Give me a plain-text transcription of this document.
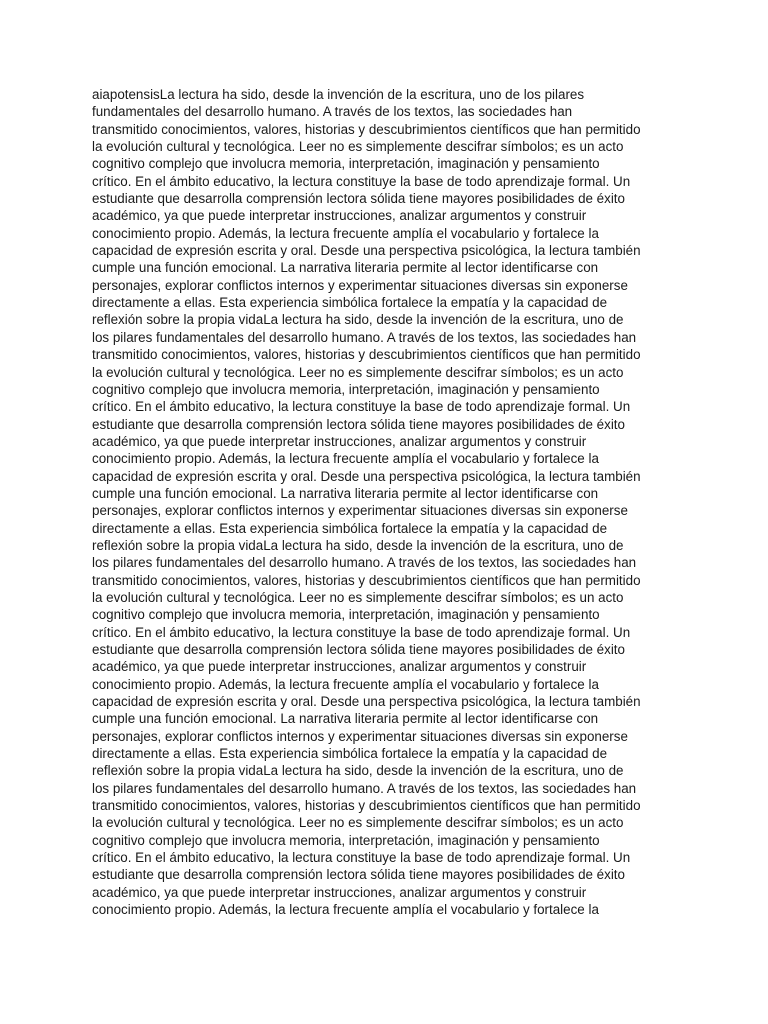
aiapotensisLa lectura ha sido, desde la invención de la escritura, uno de los pilares
fundamentales del desarrollo humano. A través de los textos, las sociedades han
transmitido conocimientos, valores, historias y descubrimientos científicos que han permitido
la evolución cultural y tecnológica. Leer no es simplemente descifrar símbolos; es un acto
cognitivo complejo que involucra memoria, interpretación, imaginación y pensamiento
crítico. En el ámbito educativo, la lectura constituye la base de todo aprendizaje formal. Un
estudiante que desarrolla comprensión lectora sólida tiene mayores posibilidades de éxito
académico, ya que puede interpretar instrucciones, analizar argumentos y construir
conocimiento propio. Además, la lectura frecuente amplía el vocabulario y fortalece la
capacidad de expresión escrita y oral. Desde una perspectiva psicológica, la lectura también
cumple una función emocional. La narrativa literaria permite al lector identificarse con
personajes, explorar conflictos internos y experimentar situaciones diversas sin exponerse
directamente a ellas. Esta experiencia simbólica fortalece la empatía y la capacidad de
reflexión sobre la propia vidaLa lectura ha sido, desde la invención de la escritura, uno de
los pilares fundamentales del desarrollo humano. A través de los textos, las sociedades han
transmitido conocimientos, valores, historias y descubrimientos científicos que han permitido
la evolución cultural y tecnológica. Leer no es simplemente descifrar símbolos; es un acto
cognitivo complejo que involucra memoria, interpretación, imaginación y pensamiento
crítico. En el ámbito educativo, la lectura constituye la base de todo aprendizaje formal. Un
estudiante que desarrolla comprensión lectora sólida tiene mayores posibilidades de éxito
académico, ya que puede interpretar instrucciones, analizar argumentos y construir
conocimiento propio. Además, la lectura frecuente amplía el vocabulario y fortalece la
capacidad de expresión escrita y oral. Desde una perspectiva psicológica, la lectura también
cumple una función emocional. La narrativa literaria permite al lector identificarse con
personajes, explorar conflictos internos y experimentar situaciones diversas sin exponerse
directamente a ellas. Esta experiencia simbólica fortalece la empatía y la capacidad de
reflexión sobre la propia vidaLa lectura ha sido, desde la invención de la escritura, uno de
los pilares fundamentales del desarrollo humano. A través de los textos, las sociedades han
transmitido conocimientos, valores, historias y descubrimientos científicos que han permitido
la evolución cultural y tecnológica. Leer no es simplemente descifrar símbolos; es un acto
cognitivo complejo que involucra memoria, interpretación, imaginación y pensamiento
crítico. En el ámbito educativo, la lectura constituye la base de todo aprendizaje formal. Un
estudiante que desarrolla comprensión lectora sólida tiene mayores posibilidades de éxito
académico, ya que puede interpretar instrucciones, analizar argumentos y construir
conocimiento propio. Además, la lectura frecuente amplía el vocabulario y fortalece la
capacidad de expresión escrita y oral. Desde una perspectiva psicológica, la lectura también
cumple una función emocional. La narrativa literaria permite al lector identificarse con
personajes, explorar conflictos internos y experimentar situaciones diversas sin exponerse
directamente a ellas. Esta experiencia simbólica fortalece la empatía y la capacidad de
reflexión sobre la propia vidaLa lectura ha sido, desde la invención de la escritura, uno de
los pilares fundamentales del desarrollo humano. A través de los textos, las sociedades han
transmitido conocimientos, valores, historias y descubrimientos científicos que han permitido
la evolución cultural y tecnológica. Leer no es simplemente descifrar símbolos; es un acto
cognitivo complejo que involucra memoria, interpretación, imaginación y pensamiento
crítico. En el ámbito educativo, la lectura constituye la base de todo aprendizaje formal. Un
estudiante que desarrolla comprensión lectora sólida tiene mayores posibilidades de éxito
académico, ya que puede interpretar instrucciones, analizar argumentos y construir
conocimiento propio. Además, la lectura frecuente amplía el vocabulario y fortalece la
